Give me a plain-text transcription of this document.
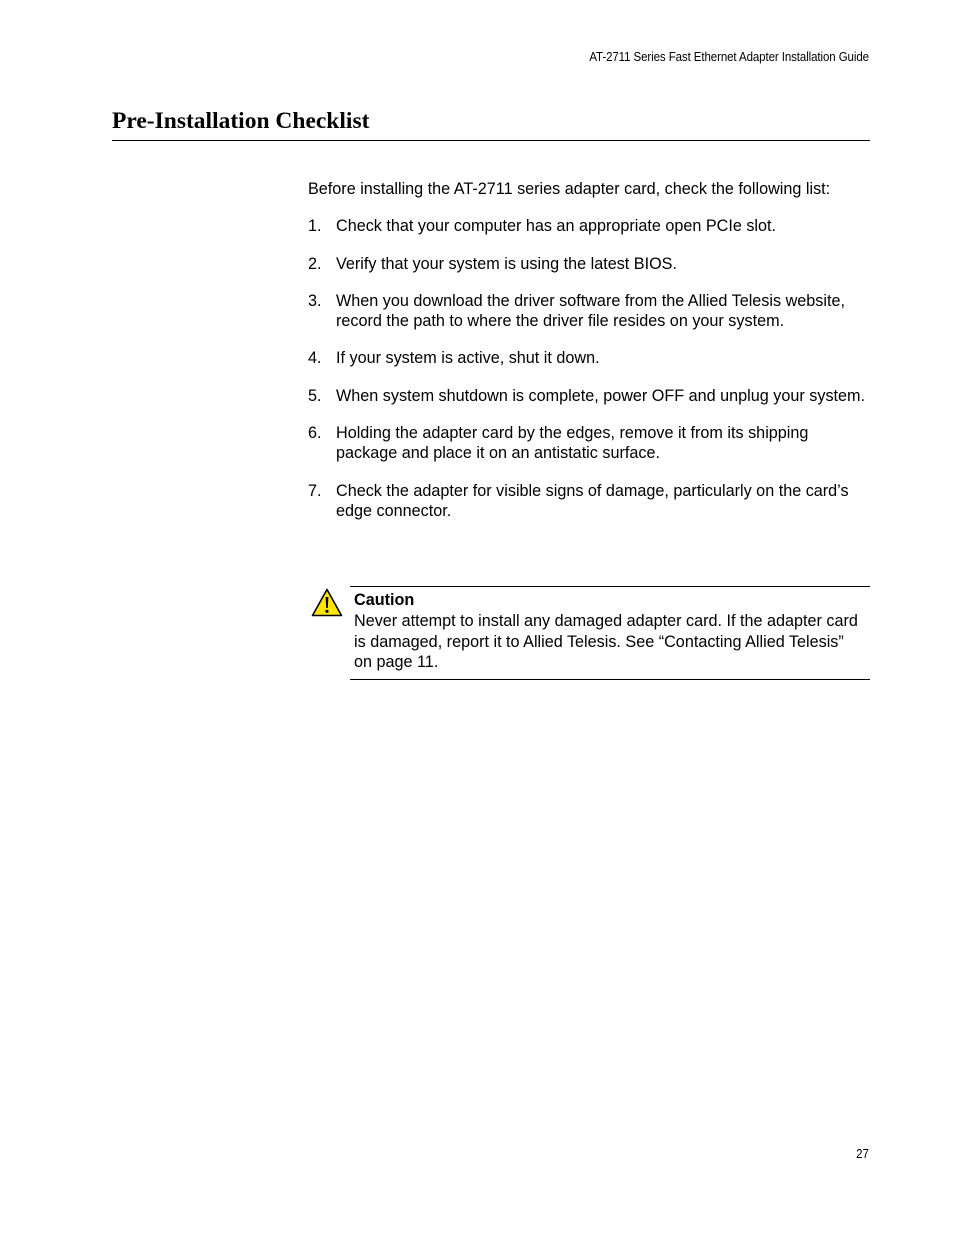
AT-2711 Series Fast Ethernet Adapter Installation Guide
Pre-Installation Checklist

Before installing the AT-2711 series adapter card, check the following list:

1. Check that your computer has an appropriate open PCIe slot.
2. Verify that your system is using the latest BIOS.
3. When you download the driver software from the Allied Telesis website, record the path to where the driver file resides on your system.
4. If your system is active, shut it down.
5. When system shutdown is complete, power OFF and unplug your system.
6. Holding the adapter card by the edges, remove it from its shipping package and place it on an antistatic surface.
7. Check the adapter for visible signs of damage, particularly on the card’s edge connector.
Caution
Never attempt to install any damaged adapter card. If the adapter card is damaged, report it to Allied Telesis. See “Contacting Allied Telesis” on page 11.
27
